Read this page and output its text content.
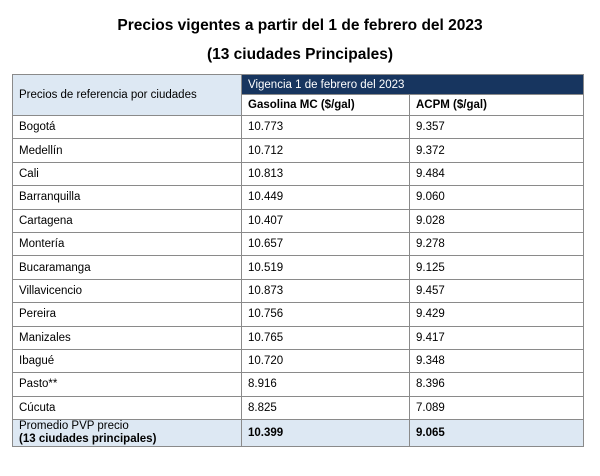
Precios vigentes a partir del 1 de febrero del 2023
(13 ciudades Principales)
Precios de referencia por ciudades	Vigencia 1 de febrero del 2023	
	Gasolina MC ($/gal)	ACPM ($/gal)
Bogotá	10.773	9.357
Medellín	10.712	9.372
Cali	10.813	9.484
Barranquilla	10.449	9.060
Cartagena	10.407	9.028
Montería	10.657	9.278
Bucaramanga	10.519	9.125
Villavicencio	10.873	9.457
Pereira	10.756	9.429
Manizales	10.765	9.417
Ibagué	10.720	9.348
Pasto**	8.916	8.396
Cúcuta	8.825	7.089
Promedio PVP precio
(13 ciudades principales)	10.399	9.065
